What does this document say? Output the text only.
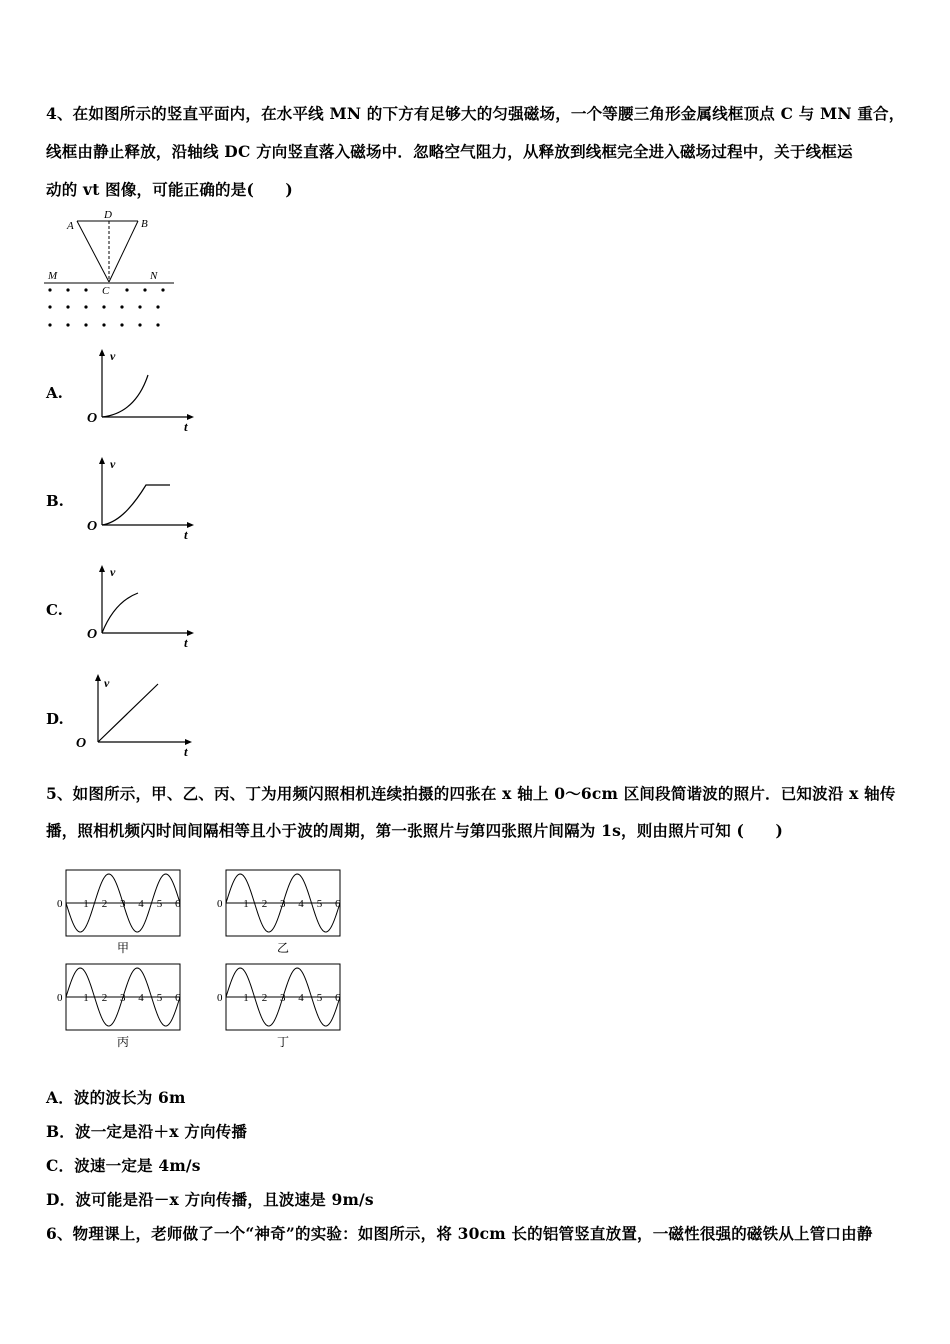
4、在如图所示的竖直平面内，在水平线 MN 的下方有足够大的匀强磁场，一个等腰三角形金属线框顶点 C 与 MN 重合，
线框由静止释放，沿轴线 DC 方向竖直落入磁场中．忽略空气阻力，从释放到线框完全进入磁场过程中，关于线框运
动的 vt 图像，可能正确的是(　　)
D
A	B
M	N
C
A.
v
O
t
B.
v
O
t
C.
v
O
t
D.
v
O
t
5、如图所示，甲、乙、丙、丁为用频闪照相机连续拍摄的四张在 x 轴上 0～6cm 区间段简谐波的照片．已知波沿 x 轴传
播，照相机频闪时间间隔相等且小于波的周期，第一张照片与第四张照片间隔为 1s，则由照片可知 (　　)
0 1 2 3 4 5 6
甲
0 1 2 3 4 5 6
乙
0 1 2 3 4 5 6
丙
0 1 2 3 4 5 6
丁
A．波的波长为 6m
B．波一定是沿＋x 方向传播
C．波速一定是 4m/s
D．波可能是沿－x 方向传播，且波速是 9m/s
6、物理课上，老师做了一个“神奇”的实验：如图所示，将 30cm 长的铝管竖直放置，一磁性很强的磁铁从上管口由静
